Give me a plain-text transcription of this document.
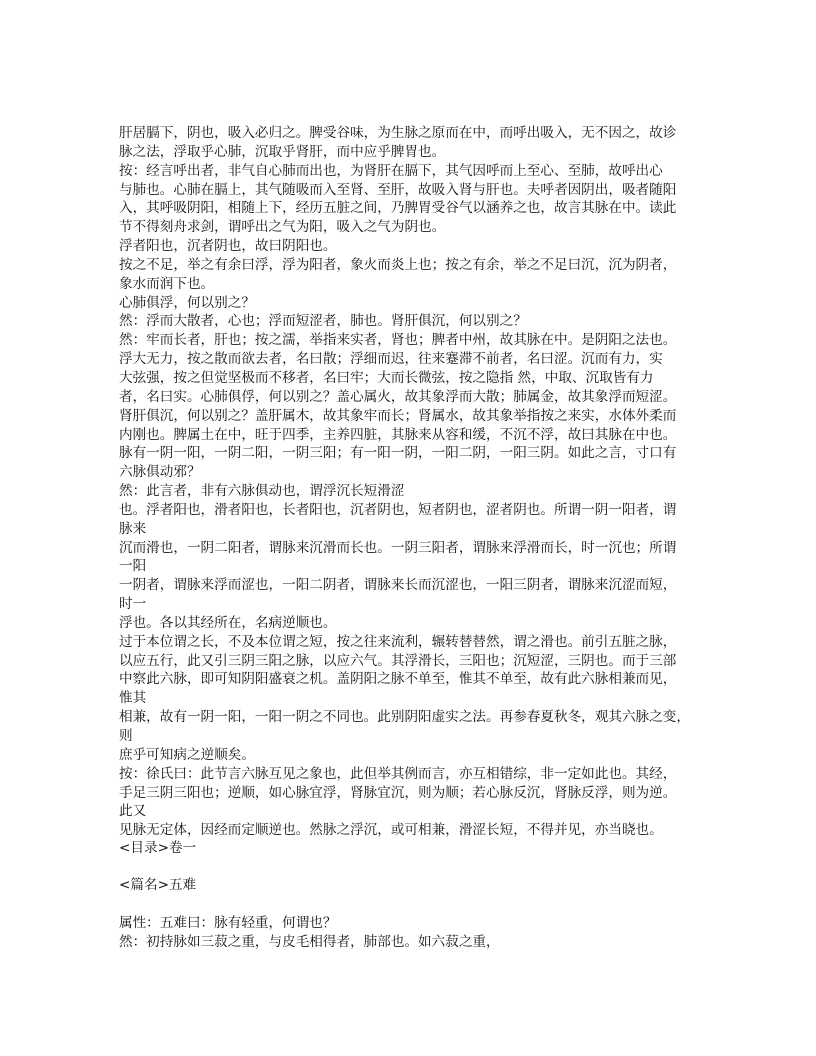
肝居膈下，阴也，吸入必归之。脾受谷味，为生脉之原而在中，而呼出吸入，无不因之，故诊
脉之法，浮取乎心肺，沉取乎肾肝，而中应乎脾胃也。
按：经言呼出者，非气自心肺而出也，为肾肝在膈下，其气因呼而上至心、至肺，故呼出心
与肺也。心肺在膈上，其气随吸而入至肾、至肝，故吸入肾与肝也。夫呼者因阴出，吸者随阳
入，其呼吸阴阳，相随上下，经历五脏之间，乃脾胃受谷气以涵养之也，故言其脉在中。读此
节不得刻舟求剑，谓呼出之气为阳，吸入之气为阴也。
浮者阳也，沉者阴也，故曰阴阳也。
按之不足，举之有余曰浮，浮为阳者，象火而炎上也；按之有余，举之不足曰沉，沉为阴者，
象水而润下也。
心肺俱浮，何以别之？
然：浮而大散者，心也；浮而短涩者，肺也。肾肝俱沉，何以别之？
然：牢而长者，肝也；按之濡，举指来实者，肾也；脾者中州，故其脉在中。是阴阳之法也。
浮大无力，按之散而欲去者，名曰散；浮细而迟，往来蹇滞不前者，名曰涩。沉而有力，实
大弦强，按之但觉坚极而不移者，名曰牢；大而长微弦，按之隐指 然，中取、沉取皆有力
者，名曰实。心肺俱俘，何以别之？盖心属火，故其象浮而大散；肺属金，故其象浮而短涩。
肾肝俱沉，何以别之？盖肝属木，故其象牢而长；肾属水，故其象举指按之来实，水体外柔而
内刚也。脾属土在中，旺于四季，主养四脏，其脉来从容和缓，不沉不浮，故曰其脉在中也。
脉有一阴一阳，一阴二阳，一阴三阳；有一阳一阴，一阳二阴，一阳三阴。如此之言，寸口有
六脉俱动邪？
然：此言者，非有六脉俱动也，谓浮沉长短滑涩
也。浮者阳也，滑者阳也，长者阳也，沉者阴也，短者阴也，涩者阴也。所谓一阴一阳者，谓
脉来
沉而滑也，一阴二阳者，谓脉来沉滑而长也。一阴三阳者，谓脉来浮滑而长，时一沉也；所谓
一阳
一阴者，谓脉来浮而涩也，一阳二阴者，谓脉来长而沉涩也，一阳三阴者，谓脉来沉涩而短，
时一
浮也。各以其经所在，名病逆顺也。
过于本位谓之长，不及本位谓之短，按之往来流利，辗转替替然，谓之滑也。前引五脏之脉，
以应五行，此又引三阴三阳之脉，以应六气。其浮滑长，三阳也；沉短涩，三阴也。而于三部
中察此六脉，即可知阴阳盛衰之机。盖阴阳之脉不单至，惟其不单至，故有此六脉相兼而见，
惟其
相兼，故有一阴一阳，一阳一阴之不同也。此别阴阳虚实之法。再参春夏秋冬，观其六脉之变，
则
庶乎可知病之逆顺矣。
按：徐氏曰：此节言六脉互见之象也，此但举其例而言，亦互相错综，非一定如此也。其经，
手足三阴三阳也；逆顺，如心脉宜浮，肾脉宜沉，则为顺；若心脉反沉，肾脉反浮，则为逆。
此又
见脉无定体，因经而定顺逆也。然脉之浮沉，或可相兼，滑涩长短，不得并见，亦当晓也。
<目录>卷一
<篇名>五难
属性：五难曰：脉有轻重，何谓也？
然：初持脉如三菽之重，与皮毛相得者，肺部也。如六菽之重，
